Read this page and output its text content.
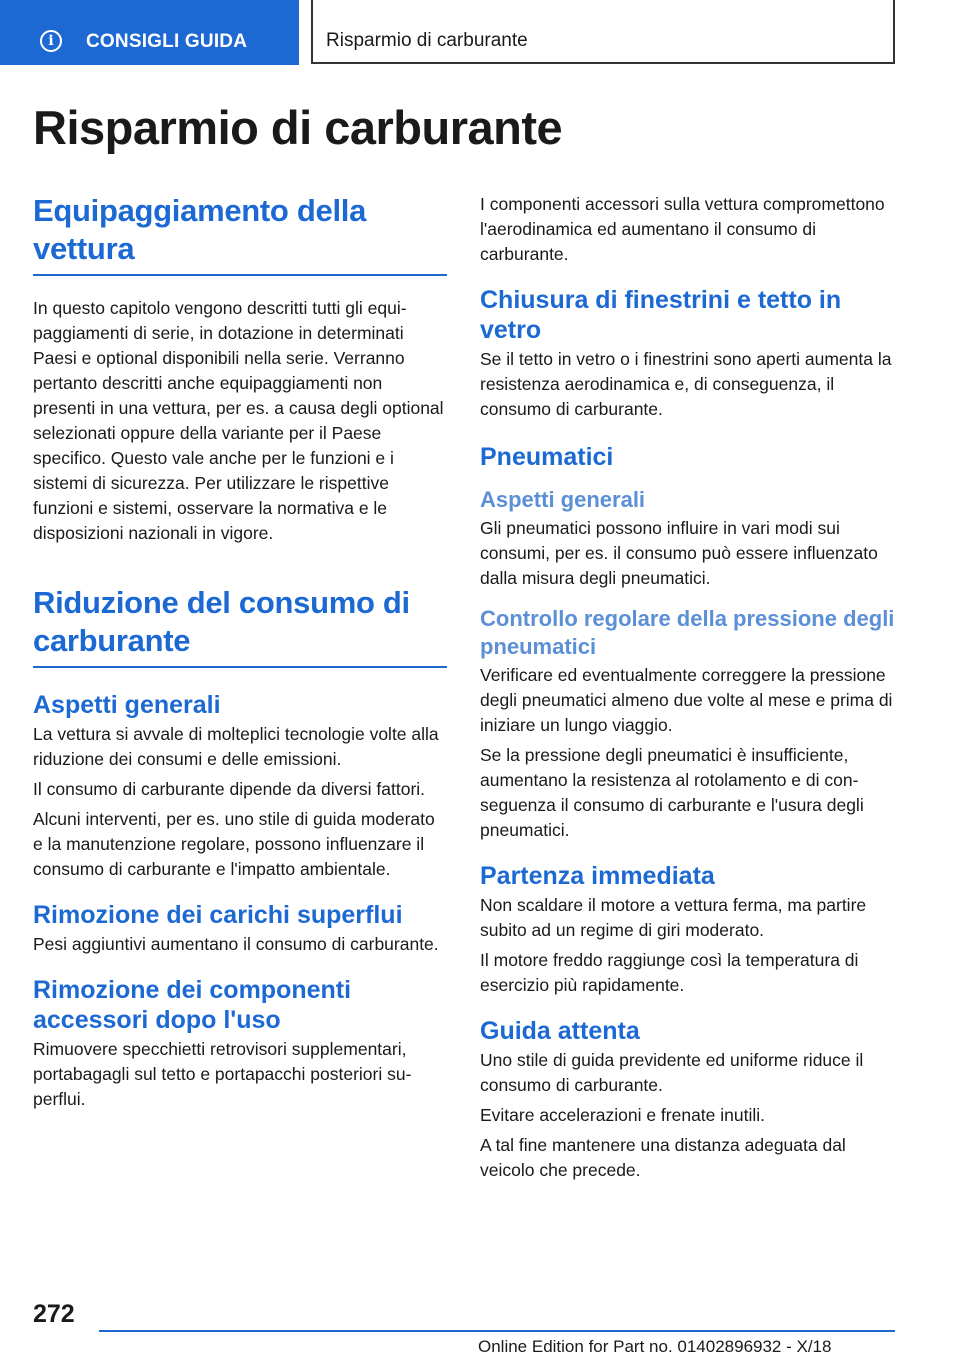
i	CONSIGLI GUIDA	Risparmio di carburante
Risparmio di carburante
Equipaggiamento della vettura

In questo capitolo vengono descritti tutti gli equipaggiamenti di serie, in dotazione in determinati Paesi e optional disponibili nella serie. Verranno pertanto descritti anche equipaggiamenti non presenti in una vettura, per es. a causa degli optional selezionati oppure della variante per il Paese specifico. Questo vale anche per le funzioni e i sistemi di sicurezza. Per utilizzare le rispettive funzioni e sistemi, osservare la normativa e le disposizioni nazionali in vigore.

Riduzione del consumo di carburante
Aspetti generali

La vettura si avvale di molteplici tecnologie volte alla riduzione dei consumi e delle emissioni.

Il consumo di carburante dipende da diversi fattori.

Alcuni interventi, per es. uno stile di guida moderato e la manutenzione regolare, possono influenzare il consumo di carburante e l'impatto ambientale.

Rimozione dei carichi superflui

Pesi aggiuntivi aumentano il consumo di carburante.

Rimozione dei componenti accessori dopo l'uso

Rimuovere specchietti retrovisori supplementari, portabagagli sul tetto e portapacchi posteriori superflui.

I componenti accessori sulla vettura compromettono l'aerodinamica ed aumentano il consumo di carburante.

Chiusura di finestrini e tetto in vetro

Se il tetto in vetro o i finestrini sono aperti aumenta la resistenza aerodinamica e, di conseguenza, il consumo di carburante.

Pneumatici
Aspetti generali

Gli pneumatici possono influire in vari modi sui consumi, per es. il consumo può essere influenzato dalla misura degli pneumatici.

Controllo regolare della pressione degli pneumatici

Verificare ed eventualmente correggere la pressione degli pneumatici almeno due volte al mese e prima di iniziare un lungo viaggio.

Se la pressione degli pneumatici è insufficiente, aumentano la resistenza al rotolamento e di conseguenza il consumo di carburante e l'usura degli pneumatici.

Partenza immediata

Non scaldare il motore a vettura ferma, ma partire subito ad un regime di giri moderato.

Il motore freddo raggiunge così la temperatura di esercizio più rapidamente.

Guida attenta

Uno stile di guida previdente ed uniforme riduce il consumo di carburante.

Evitare accelerazioni e frenate inutili.

A tal fine mantenere una distanza adeguata dal veicolo che precede.

272
Online Edition for Part no. 01402896932 - X/18
